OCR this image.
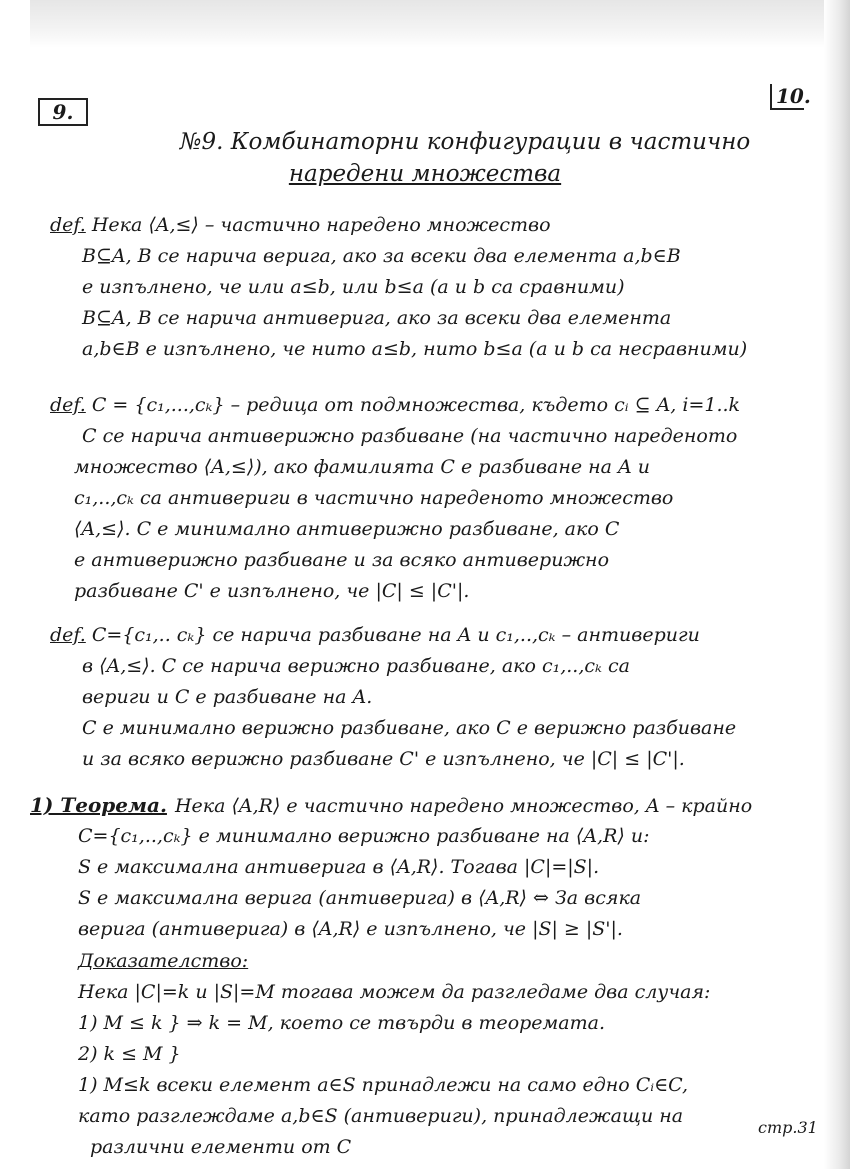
9.
10.
№9. Комбинаторни конфигурации в частично
наредени множества
def. Нека ⟨A,≤⟩ – частично наредено множество
B⊆A, B се нарича верига, ако за всеки два елемента a,b∈B
е изпълнено, че или a≤b, или b≤a (a и b са сравними)
B⊆A, B се нарича антиверига, ако за всеки два елемента
a,b∈B е изпълнено, че нито a≤b, нито b≤a (a и b са несравними)
def. C = {c₁,...,cₖ} – редица от подмножества, където cᵢ ⊆ A, i=1..k
C се нарича антиверижно разбиване (на частично нареденото
множество ⟨A,≤⟩), ако фамилията C е разбиване на A и
c₁,..,cₖ са антивериги в частично нареденото множество
⟨A,≤⟩. C е минимално антиверижно разбиване, ако C
е антиверижно разбиване и за всяко антиверижно
разбиване C' е изпълнено, че |C| ≤ |C'|.
def. C={c₁,.. cₖ} се нарича разбиване на A и c₁,..,cₖ – антивериги
в ⟨A,≤⟩. C се нарича верижно разбиване, ако c₁,..,cₖ са
вериги и C е разбиване на A.
C е минимално верижно разбиване, ако C е верижно разбиване
и за всяко верижно разбиване C' е изпълнено, че |C| ≤ |C'|.
1) Теорема. Нека ⟨A,R⟩ е частично наредено множество, A – крайно
C={c₁,..,cₖ} е минимално верижно разбиване на ⟨A,R⟩ и:
S е максимална антиверига в ⟨A,R⟩. Тогава |C|=|S|.
S е максимална верига (антиверига) в ⟨A,R⟩ ⇔ За всяка
верига (антиверига) в ⟨A,R⟩ е изпълнено, че |S| ≥ |S'|.
Доказателство:
Нека |C|=k и |S|=M тогава можем да разгледаме два случая:
1) M ≤ k } ⇒ k = M, което се твърди в теоремата.
2) k ≤ M }
1) M≤k всеки елемент a∈S принадлежи на само едно Cᵢ∈C,
като разглеждаме a,b∈S (антивериги), принадлежащи на
различни елементи от C
стр.31
